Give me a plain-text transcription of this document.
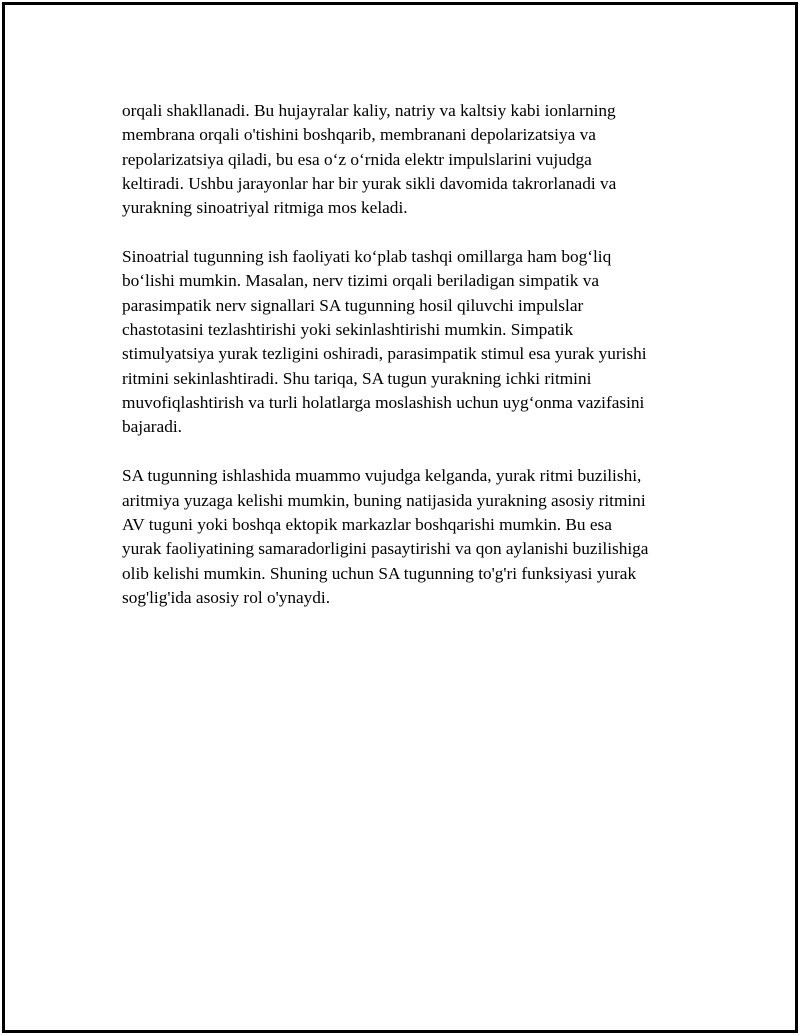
orqali shakllanadi. Bu hujayralar kaliy, natriy va kaltsiy kabi ionlarning
membrana orqali o'tishini boshqarib, membranani depolarizatsiya va
repolarizatsiya qiladi, bu esa o‘z o‘rnida elektr impulslarini vujudga
keltiradi. Ushbu jarayonlar har bir yurak sikli davomida takrorlanadi va
yurakning sinoatriyal ritmiga mos keladi.

Sinoatrial tugunning ish faoliyati ko‘plab tashqi omillarga ham bog‘liq
bo‘lishi mumkin. Masalan, nerv tizimi orqali beriladigan simpatik va
parasimpatik nerv signallari SA tugunning hosil qiluvchi impulslar
chastotasini tezlashtirishi yoki sekinlashtirishi mumkin. Simpatik
stimulyatsiya yurak tezligini oshiradi, parasimpatik stimul esa yurak yurishi
ritmini sekinlashtiradi. Shu tariqa, SA tugun yurakning ichki ritmini
muvofiqlashtirish va turli holatlarga moslashish uchun uyg‘onma vazifasini
bajaradi.

SA tugunning ishlashida muammo vujudga kelganda, yurak ritmi buzilishi,
aritmiya yuzaga kelishi mumkin, buning natijasida yurakning asosiy ritmini
AV tuguni yoki boshqa ektopik markazlar boshqarishi mumkin. Bu esa
yurak faoliyatining samaradorligini pasaytirishi va qon aylanishi buzilishiga
olib kelishi mumkin. Shuning uchun SA tugunning to'g'ri funksiyasi yurak
sog'lig'ida asosiy rol o'ynaydi.
